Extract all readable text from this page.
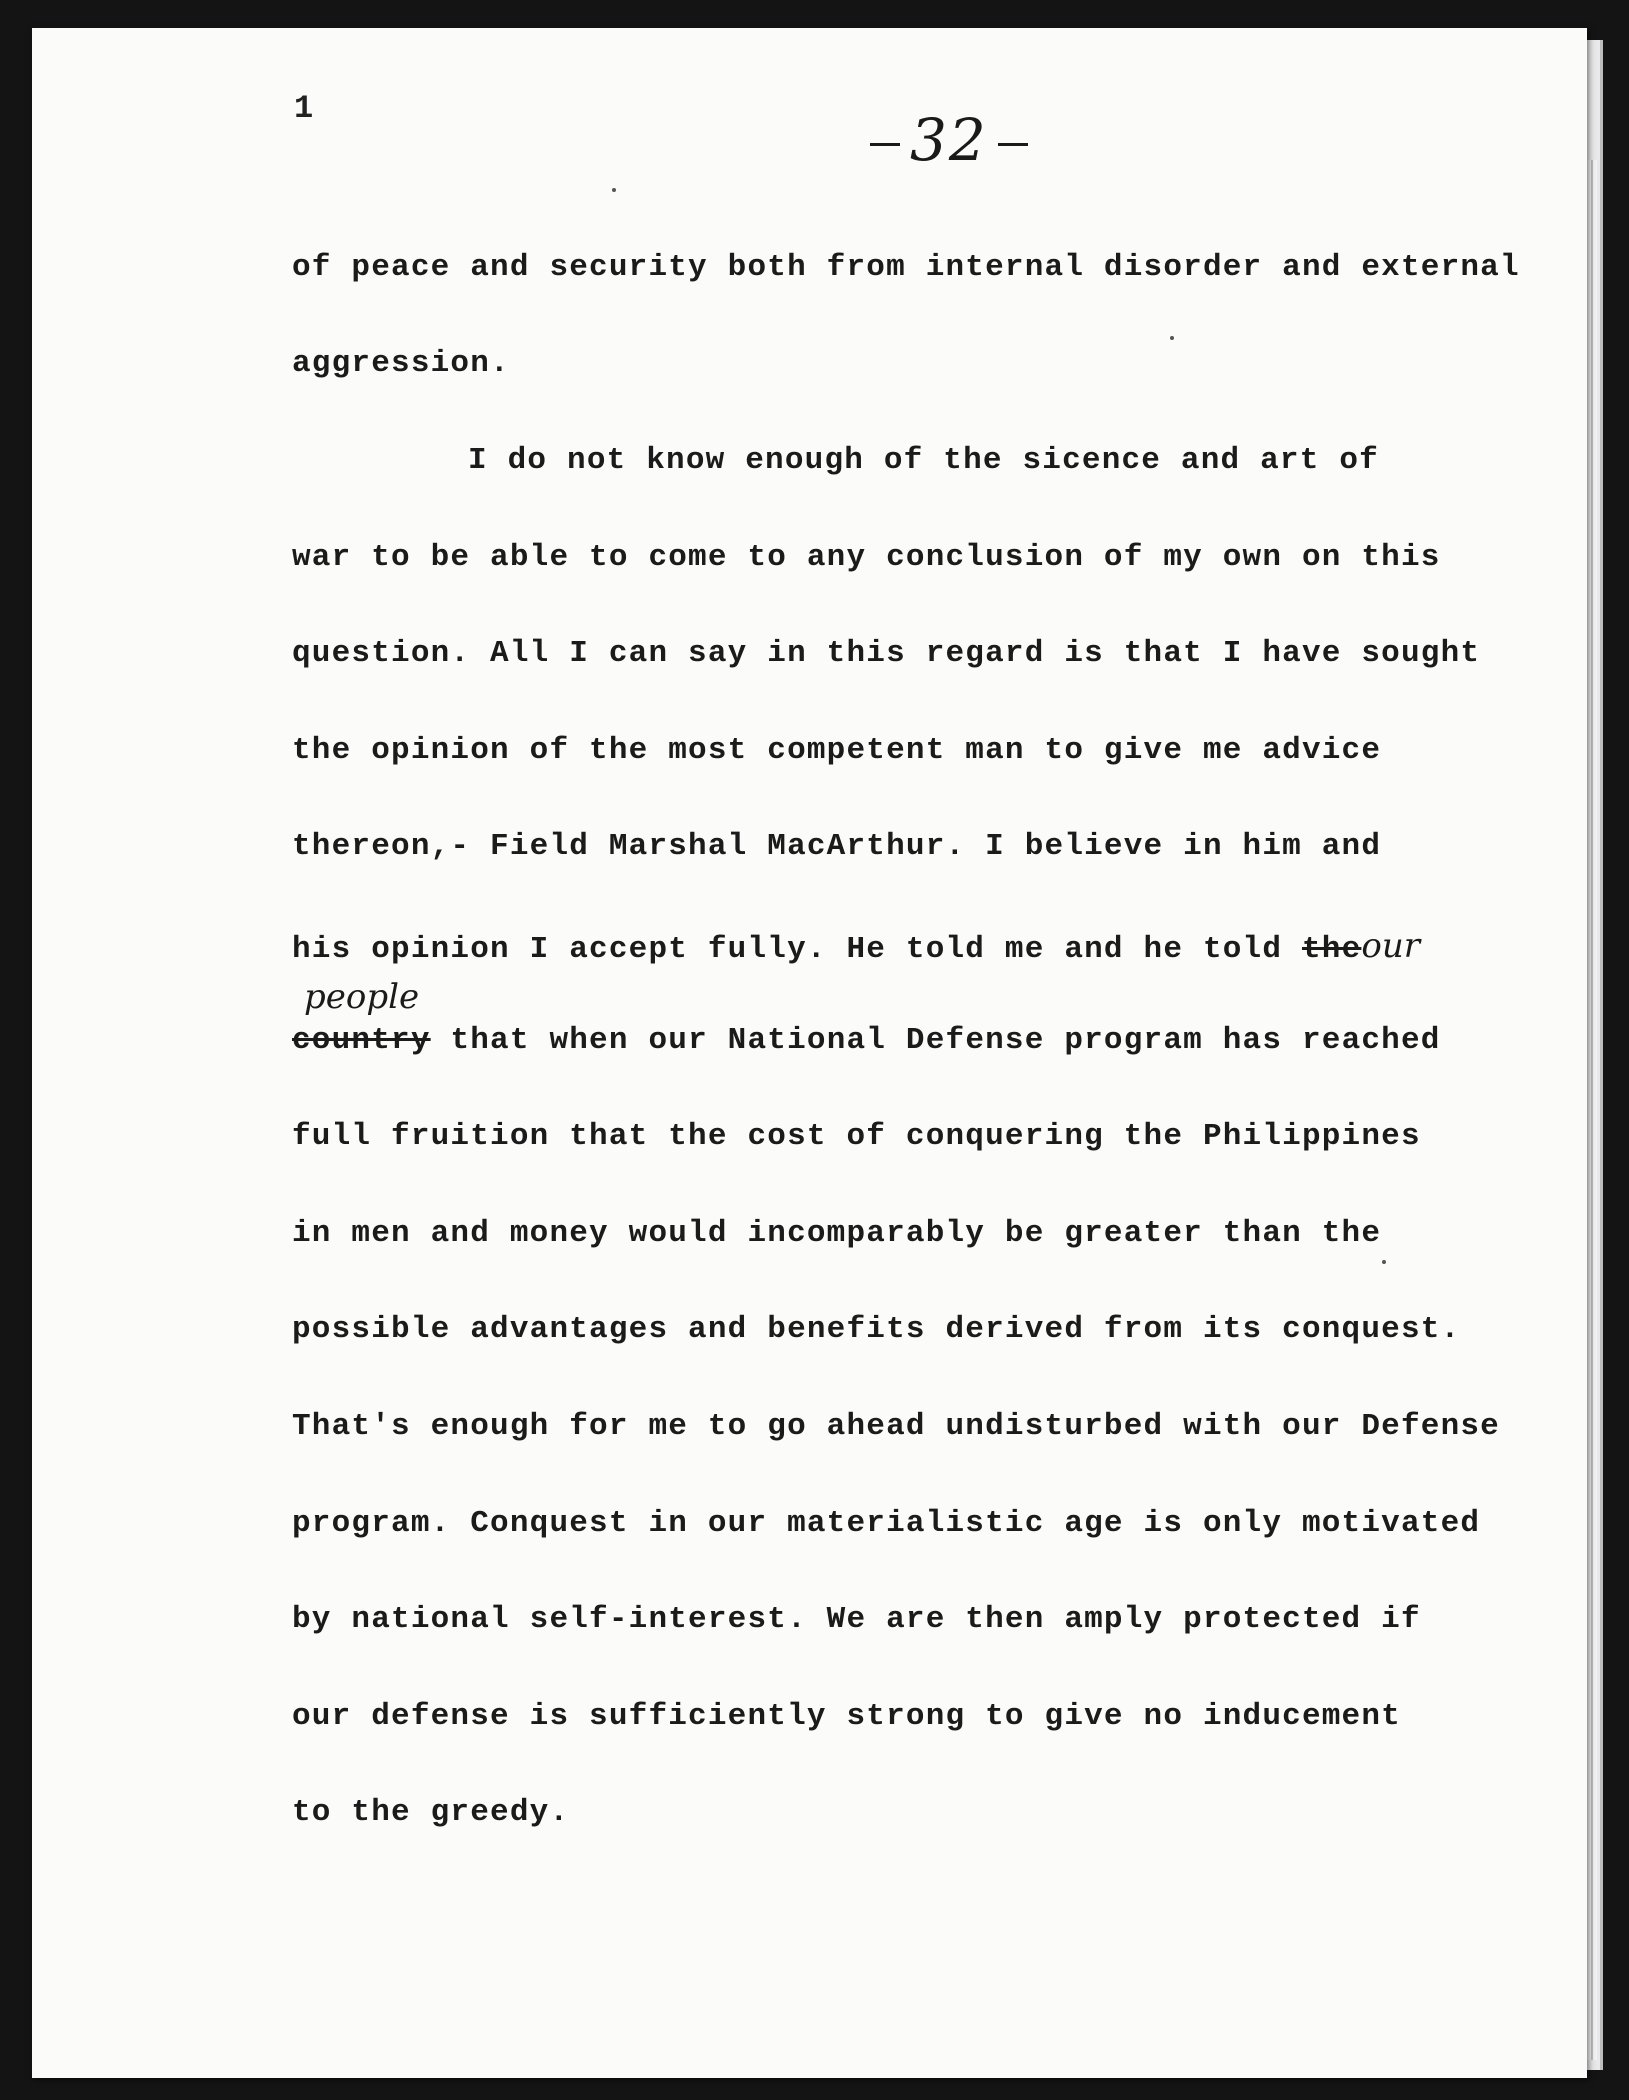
1	32
of peace and security both from internal disorder and external
aggression.
I do not know enough of the sicence and art of
war to be able to come to any conclusion of my own on this
question. All I can say in this regard is that I have sought
the opinion of the most competent man to give me advice
thereon,- Field Marshal MacArthur. I believe in him and
his opinion I accept fully. He told me and he told theour
people
country that when our National Defense program has reached
full fruition that the cost of conquering the Philippines
in men and money would incomparably be greater than the
possible advantages and benefits derived from its conquest.
That's enough for me to go ahead undisturbed with our Defense
program. Conquest in our materialistic age is only motivated
by national self-interest. We are then amply protected if
our defense is sufficiently strong to give no inducement
to the greedy.
